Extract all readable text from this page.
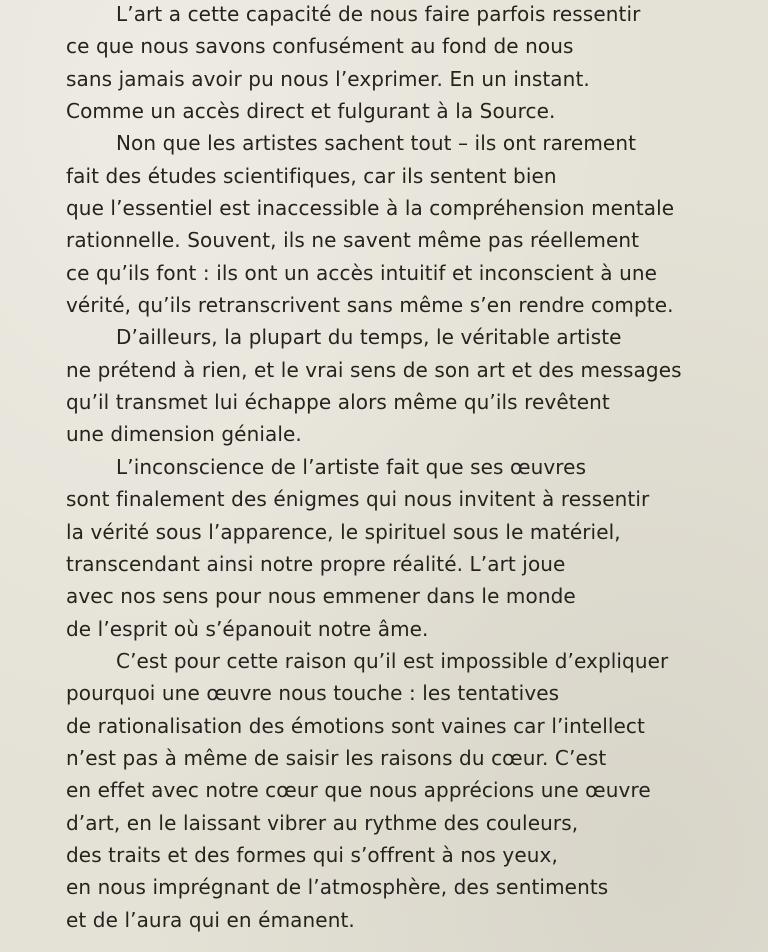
L’art a cette capacité de nous faire parfois ressentir
ce que nous savons confusément au fond de nous
sans jamais avoir pu nous l’exprimer. En un instant.
Comme un accès direct et fulgurant à la Source.

Non que les artistes sachent tout – ils ont rarement
fait des études scientifiques, car ils sentent bien
que l’essentiel est inaccessible à la compréhension mentale
rationnelle. Souvent, ils ne savent même pas réellement
ce qu’ils font : ils ont un accès intuitif et inconscient à une
vérité, qu’ils retranscrivent sans même s’en rendre compte.

D’ailleurs, la plupart du temps, le véritable artiste
ne prétend à rien, et le vrai sens de son art et des messages
qu’il transmet lui échappe alors même qu’ils revêtent
une dimension géniale.

L’inconscience de l’artiste fait que ses œuvres
sont finalement des énigmes qui nous invitent à ressentir
la vérité sous l’apparence, le spirituel sous le matériel,
transcendant ainsi notre propre réalité. L’art joue
avec nos sens pour nous emmener dans le monde
de l’esprit où s’épanouit notre âme.

C’est pour cette raison qu’il est impossible d’expliquer
pourquoi une œuvre nous touche : les tentatives
de rationalisation des émotions sont vaines car l’intellect
n’est pas à même de saisir les raisons du cœur. C’est
en effet avec notre cœur que nous apprécions une œuvre
d’art, en le laissant vibrer au rythme des couleurs,
des traits et des formes qui s’offrent à nos yeux,
en nous imprégnant de l’atmosphère, des sentiments
et de l’aura qui en émanent.
